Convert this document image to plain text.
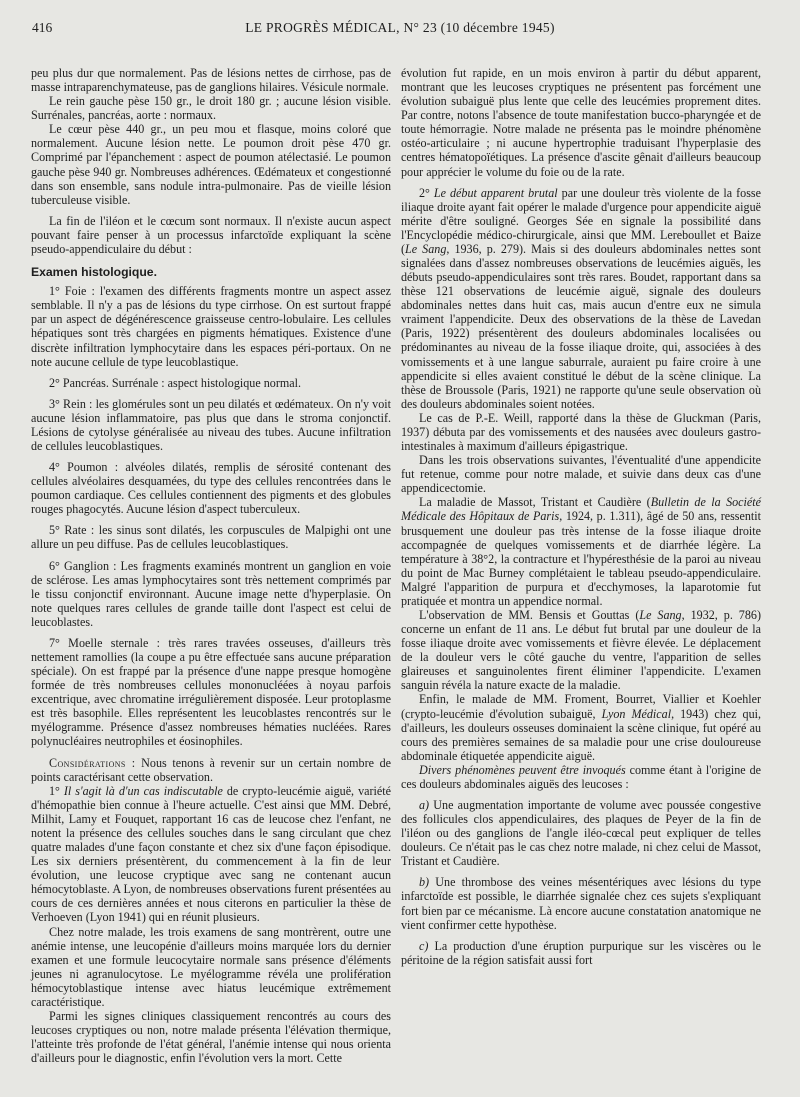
416	LE PROGRÈS MÉDICAL, N° 23 (10 décembre 1945)

peu plus dur que normalement. Pas de lésions nettes de cirrhose, pas de masse intraparenchymateuse, pas de ganglions hilaires. Vésicule normale.

Le rein gauche pèse 150 gr., le droit 180 gr. ; aucune lésion visible. Surrénales, pancréas, aorte : normaux.

Le cœur pèse 440 gr., un peu mou et flasque, moins coloré que normalement. Aucune lésion nette. Le poumon droit pèse 470 gr. Comprimé par l'épanchement : aspect de poumon atélectasié. Le poumon gauche pèse 940 gr. Nombreuses adhérences. Œdémateux et congestionné dans son ensemble, sans nodule intra-pulmonaire. Pas de vieille lésion tuberculeuse visible.

La fin de l'iléon et le cœcum sont normaux. Il n'existe aucun aspect pouvant faire penser à un processus infarctoïde expliquant la scène pseudo-appendiculaire du début :

Examen histologique.

1° Foie : l'examen des différents fragments montre un aspect assez semblable. Il n'y a pas de lésions du type cirrhose. On est surtout frappé par un aspect de dégénérescence graisseuse centro-lobulaire. Les cellules hépatiques sont très chargées en pigments hématiques. Existence d'une discrète infiltration lymphocytaire dans les espaces péri-portaux. On ne note aucune cellule de type leucoblastique.

2° Pancréas. Surrénale : aspect histologique normal.

3° Rein : les glomérules sont un peu dilatés et œdémateux. On n'y voit aucune lésion inflammatoire, pas plus que dans le stroma conjonctif. Lésions de cytolyse généralisée au niveau des tubes. Aucune infiltration de cellules leucoblastiques.

4° Poumon : alvéoles dilatés, remplis de sérosité contenant des cellules alvéolaires desquamées, du type des cellules rencontrées dans le poumon cardiaque. Ces cellules contiennent des pigments et des globules rouges phagocytés. Aucune lésion d'aspect tuberculeux.

5° Rate : les sinus sont dilatés, les corpuscules de Malpighi ont une allure un peu diffuse. Pas de cellules leucoblastiques.

6° Ganglion : Les fragments examinés montrent un ganglion en voie de sclérose. Les amas lymphocytaires sont très nettement comprimés par le tissu conjonctif environnant. Aucune image nette d'hyperplasie. On note quelques rares cellules de grande taille dont l'aspect est celui de leucoblastes.

7° Moelle sternale : très rares travées osseuses, d'ailleurs très nettement ramollies (la coupe a pu être effectuée sans aucune préparation spéciale). On est frappé par la présence d'une nappe presque homogène formée de très nombreuses cellules mononucléées à noyau parfois excentrique, avec chromatine irrégulièrement disposée. Leur protoplasme est très basophile. Elles représentent les leucoblastes rencontrés sur le myélogramme. Présence d'assez nombreuses hématies nucléées. Rares polynucléaires neutrophiles et éosinophiles.

Considérations : Nous tenons à revenir sur un certain nombre de points caractérisant cette observation.

1° Il s'agit là d'un cas indiscutable de crypto-leucémie aiguë, variété d'hémopathie bien connue à l'heure actuelle. C'est ainsi que MM. Debré, Milhit, Lamy et Fouquet, rapportant 16 cas de leucose chez l'enfant, ne notent la présence des cellules souches dans le sang circulant que chez quatre malades d'une façon constante et chez six d'une façon épisodique. Les six derniers présentèrent, du commencement à la fin de leur évolution, une leucose cryptique avec sang ne contenant aucun hémocytoblaste. A Lyon, de nombreuses observations furent présentées au cours de ces dernières années et nous citerons en particulier la thèse de Verhoeven (Lyon 1941) qui en réunit plusieurs.

Chez notre malade, les trois examens de sang montrèrent, outre une anémie intense, une leucopénie d'ailleurs moins marquée lors du dernier examen et une formule leucocytaire normale sans présence d'éléments jeunes ni agranulocytose. Le myélogramme révéla une prolifération hémocytoblastique intense avec hiatus leucémique extrêmement caractéristique.

Parmi les signes cliniques classiquement rencontrés au cours des leucoses cryptiques ou non, notre malade présenta l'élévation thermique, l'atteinte très profonde de l'état général, l'anémie intense qui nous orienta d'ailleurs pour le diagnostic, enfin l'évolution vers la mort. Cette

évolution fut rapide, en un mois environ à partir du début apparent, montrant que les leucoses cryptiques ne présentent pas forcément une évolution subaiguë plus lente que celle des leucémies proprement dites. Par contre, notons l'absence de toute manifestation bucco-pharyngée et de toute hémorragie. Notre malade ne présenta pas le moindre phénomène ostéo-articulaire ; ni aucune hypertrophie traduisant l'hyperplasie des centres hématopoïétiques. La présence d'ascite gênait d'ailleurs beaucoup pour apprécier le volume du foie ou de la rate.

2° Le début apparent brutal par une douleur très violente de la fosse iliaque droite ayant fait opérer le malade d'urgence pour appendicite aiguë mérite d'être souligné. Georges Sée en signale la possibilité dans l'Encyclopédie médico-chirurgicale, ainsi que MM. Lereboullet et Baize (Le Sang, 1936, p. 279). Mais si des douleurs abdominales nettes sont signalées dans d'assez nombreuses observations de leucémies aiguës, les débuts pseudo-appendiculaires sont très rares. Boudet, rapportant dans sa thèse 121 observations de leucémie aiguë, signale des douleurs abdominales nettes dans huit cas, mais aucun d'entre eux ne simula vraiment l'appendicite. Deux des observations de la thèse de Lavedan (Paris, 1922) présentèrent des douleurs abdominales localisées ou prédominantes au niveau de la fosse iliaque droite, qui, associées à des vomissements et à une langue saburrale, auraient pu faire croire à une appendicite si elles avaient constitué le début de la scène clinique. La thèse de Broussole (Paris, 1921) ne rapporte qu'une seule observation où des douleurs abdominales soient notées.

Le cas de P.-E. Weill, rapporté dans la thèse de Gluckman (Paris, 1937) débuta par des vomissements et des nausées avec douleurs gastro-intestinales à maximum d'ailleurs épigastrique.

Dans les trois observations suivantes, l'éventualité d'une appendicite fut retenue, comme pour notre malade, et suivie dans deux cas d'une appendicectomie.

La maladie de Massot, Tristant et Caudière (Bulletin de la Société Médicale des Hôpitaux de Paris, 1924, p. 1.311), âgé de 50 ans, ressentit brusquement une douleur pas très intense de la fosse iliaque droite accompagnée de quelques vomissements et de diarrhée légère. La température à 38°2, la contracture et l'hypéresthésie de la paroi au niveau du point de Mac Burney complétaient le tableau pseudo-appendiculaire. Malgré l'apparition de purpura et d'ecchymoses, la laparotomie fut pratiquée et montra un appendice normal.

L'observation de MM. Bensis et Gouttas (Le Sang, 1932, p. 786) concerne un enfant de 11 ans. Le début fut brutal par une douleur de la fosse iliaque droite avec vomissements et fièvre élevée. Le déplacement de la douleur vers le côté gauche du ventre, l'apparition de selles glaireuses et sanguinolentes firent éliminer l'appendicite. L'examen sanguin révéla la nature exacte de la maladie.

Enfin, le malade de MM. Froment, Bourret, Viallier et Koehler (crypto-leucémie d'évolution subaiguë, Lyon Médical, 1943) chez qui, d'ailleurs, les douleurs osseuses dominaient la scène clinique, fut opéré au cours des premières semaines de sa maladie pour une crise douloureuse abdominale étiquetée appendicite aiguë.

Divers phénomènes peuvent être invoqués comme étant à l'origine de ces douleurs abdominales aiguës des leucoses :

a) Une augmentation importante de volume avec poussée congestive des follicules clos appendiculaires, des plaques de Peyer de la fin de l'iléon ou des ganglions de l'angle iléo-cœcal peut expliquer de telles douleurs. Ce n'était pas le cas chez notre malade, ni chez celui de Massot, Tristant et Caudière.

b) Une thrombose des veines mésentériques avec lésions du type infarctoïde est possible, le diarrhée signalée chez ces sujets s'expliquant fort bien par ce mécanisme. Là encore aucune constatation anatomique ne vient confirmer cette hypothèse.

c) La production d'une éruption purpurique sur les viscères ou le péritoine de la région satisfait aussi fort
